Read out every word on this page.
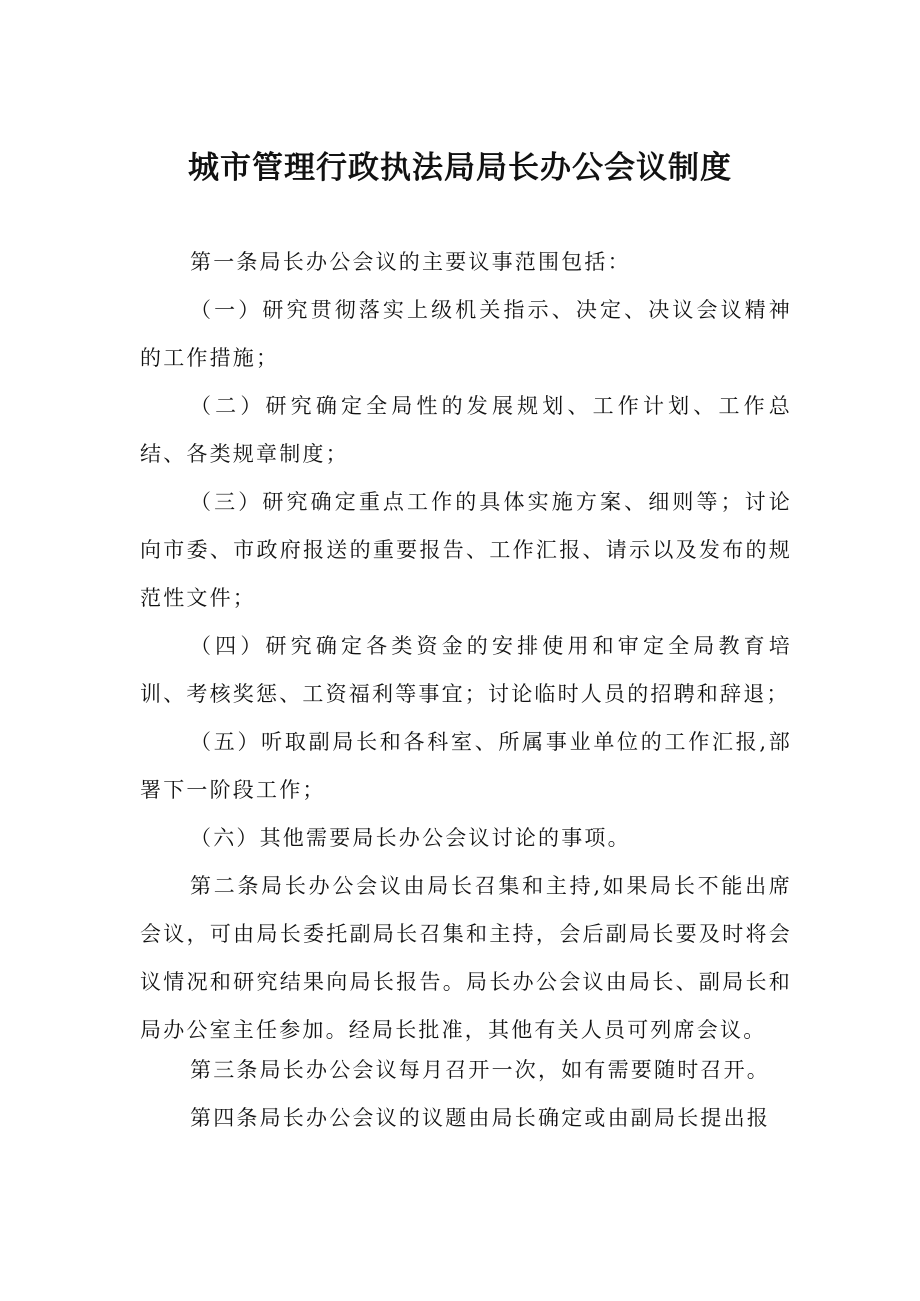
城市管理行政执法局局长办公会议制度

第一条局长办公会议的主要议事范围包括：

（一）研究贯彻落实上级机关指示、决定、决议会议精神的工作措施；

（二）研究确定全局性的发展规划、工作计划、工作总结、各类规章制度；

（三）研究确定重点工作的具体实施方案、细则等；讨论向市委、市政府报送的重要报告、工作汇报、请示以及发布的规范性文件；

（四）研究确定各类资金的安排使用和审定全局教育培训、考核奖惩、工资福利等事宜；讨论临时人员的招聘和辞退；

（五）听取副局长和各科室、所属事业单位的工作汇报,部署下一阶段工作；

（六）其他需要局长办公会议讨论的事项。

第二条局长办公会议由局长召集和主持,如果局长不能出席会议，可由局长委托副局长召集和主持，会后副局长要及时将会议情况和研究结果向局长报告。局长办公会议由局长、副局长和局办公室主任参加。经局长批准，其他有关人员可列席会议。

第三条局长办公会议每月召开一次，如有需要随时召开。

第四条局长办公会议的议题由局长确定或由副局长提出报
